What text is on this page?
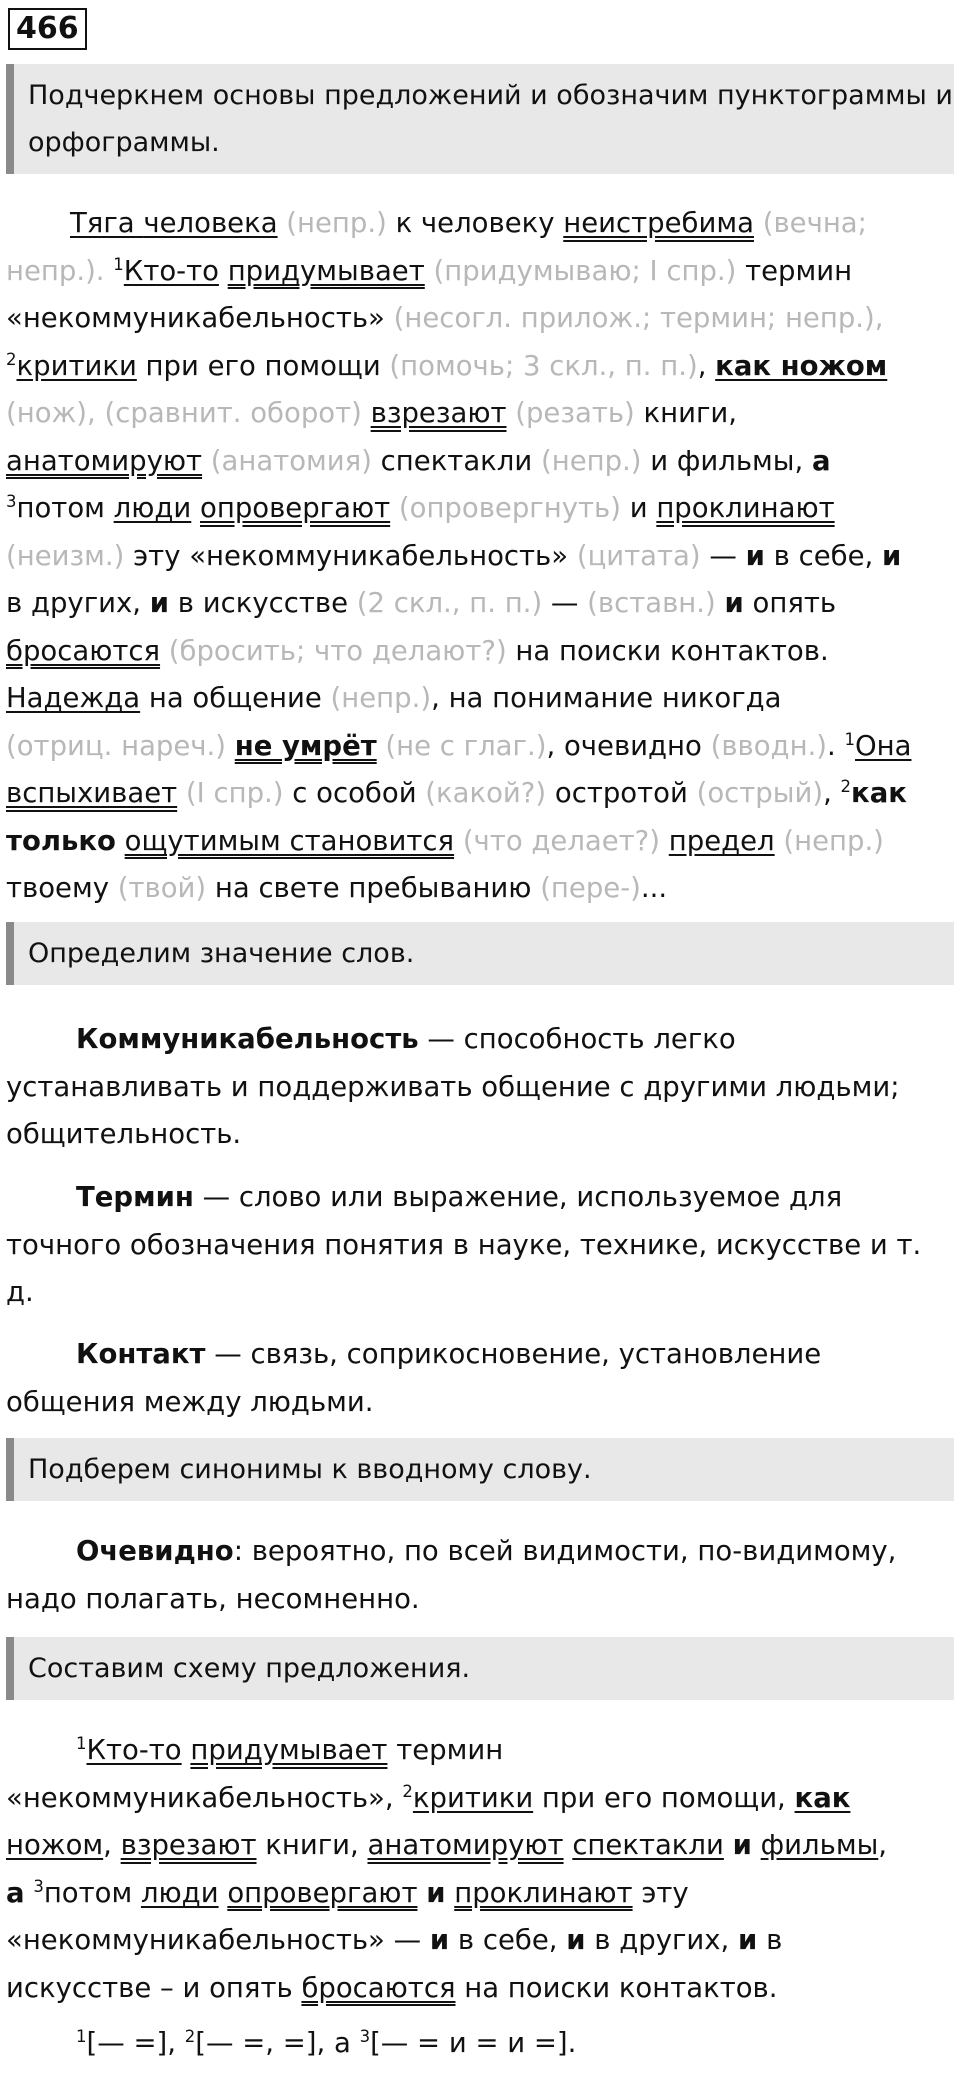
466
Подчеркнем основы предложений и обозначим пунктограммы и орфограммы.
Тяга человека (непр.) к человеку неистребима (вечна;
непр.). $^1$Кто-то придумывает (придумываю; I спр.) термин
«некоммуникабельность» (несогл. прилож.; термин; непр.),
$^2$критики при его помощи (помочь; 3 скл., п. п.), как ножом
(нож), (сравнит. оборот) взрезают (резать) книги,
анатомируют (анатомия) спектакли (непр.) и фильмы, а
$^3$потом люди опровергают (опровергнуть) и проклинают
(неизм.) эту «некоммуникабельность» (цитата) — и в себе, и
в других, и в искусстве (2 скл., п. п.) — (вставн.) и опять
бросаются (бросить; что делают?) на поиски контактов.
Надежда на общение (непр.), на понимание никогда
(отриц. нареч.) не умрёт (не с глаг.), очевидно (вводн.). $^1$Она
вспыхивает (I спр.) с особой (какой?) остротой (острый), $^2$как
только ощутимым становится (что делает?) предел (непр.)
твоему (твой) на свете пребыванию (пере-)...
Определим значение слов.
Коммуникабельность — способность легко устанавливать и поддерживать общение с другими людьми; общительность.
Термин — слово или выражение, используемое для точного обозначения понятия в науке, технике, искусстве и т. д.
Контакт — связь, соприкосновение, установление общения между людьми.
Подберем синонимы к вводному слову.
Очевидно: вероятно, по всей видимости, по-видимому, надо полагать, несомненно.
Составим схему предложения.
$^1$Кто-то придумывает термин
«некоммуникабельность», $^2$критики при его помощи, как
ножом, взрезают книги, анатомируют спектакли и фильмы,
а $^3$потом люди опровергают и проклинают эту
«некоммуникабельность» — и в себе, и в других, и в
искусстве – и опять бросаются на поиски контактов.
$^1$[— =], $^2$[— =, =], а $^3$[— = и = и =].
